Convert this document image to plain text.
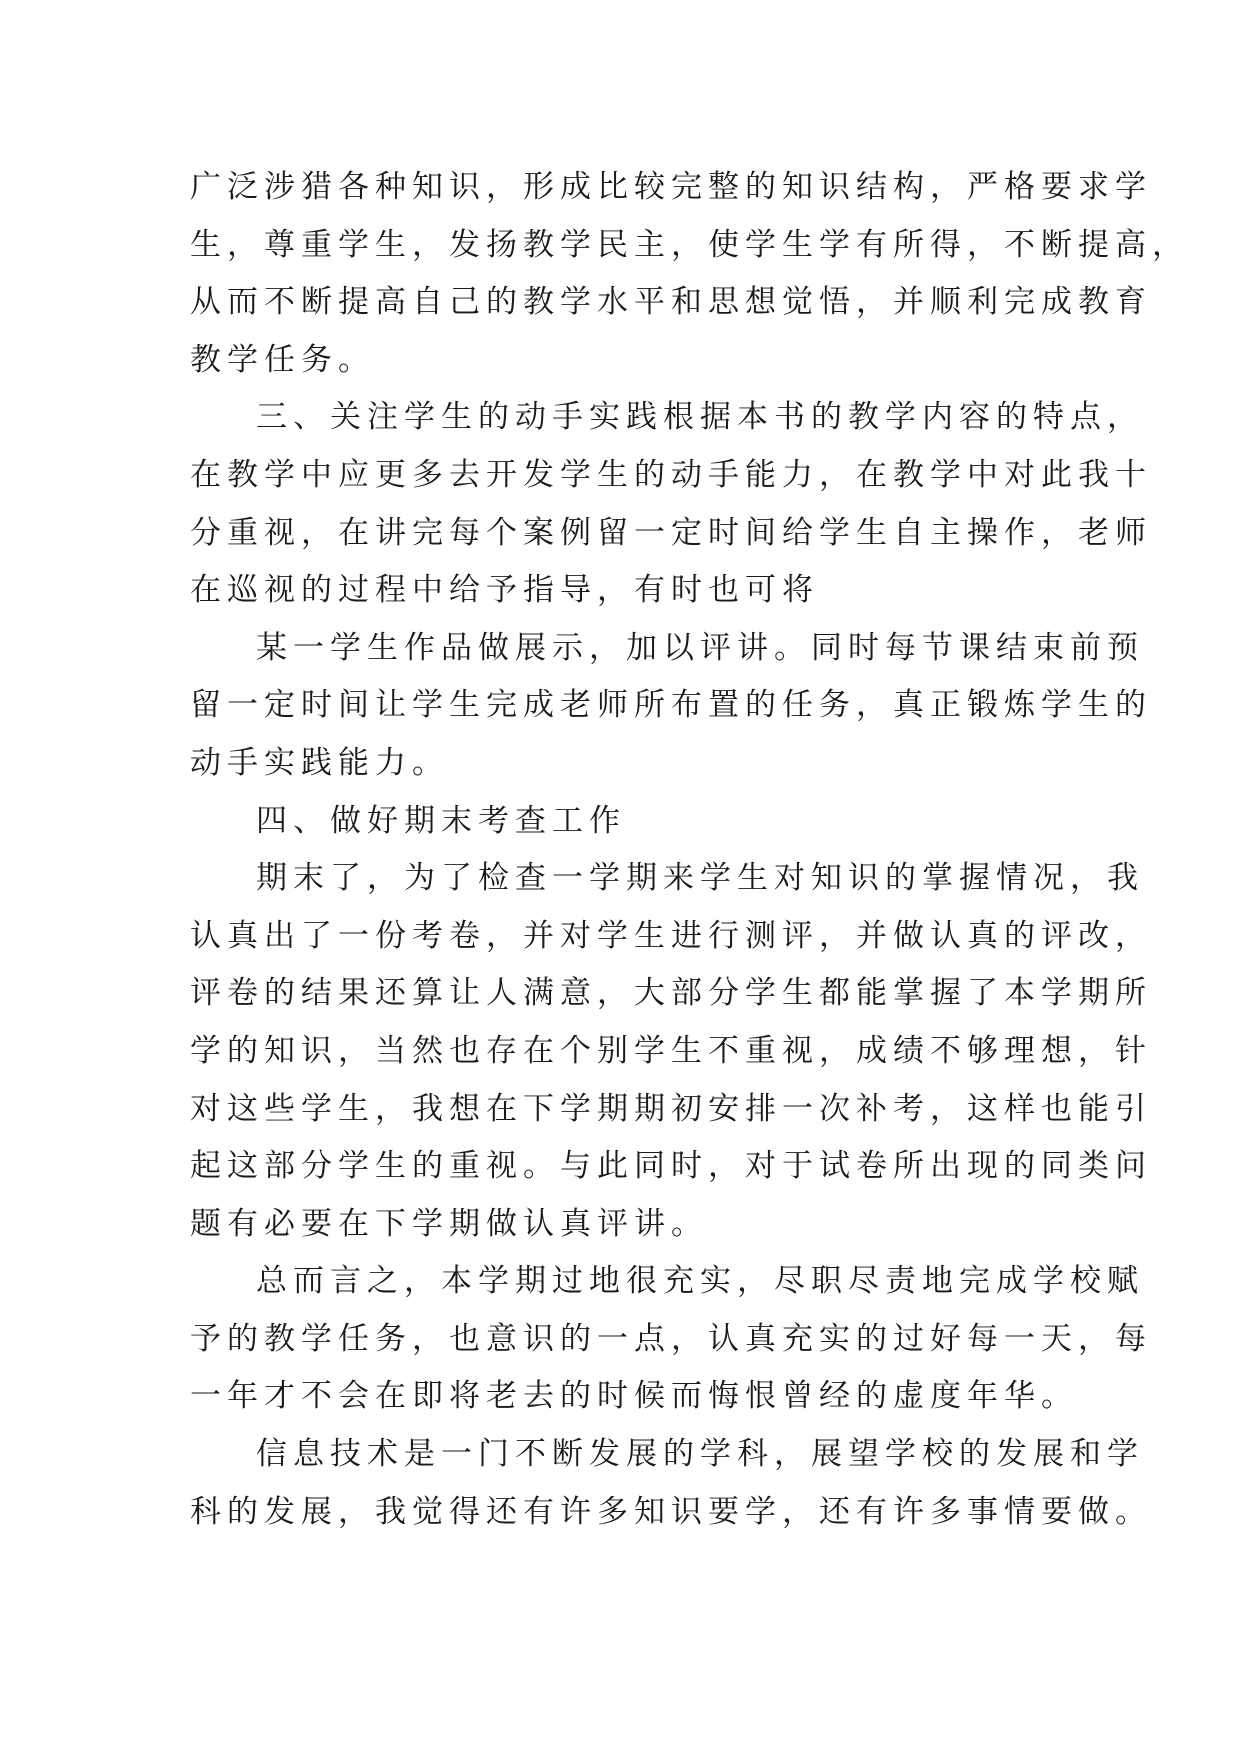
广泛涉猎各种知识，形成比较完整的知识结构，严格要求学
生，尊重学生，发扬教学民主，使学生学有所得，不断提高，
从而不断提高自己的教学水平和思想觉悟，并顺利完成教育
教学任务。
三、关注学生的动手实践根据本书的教学内容的特点，
在教学中应更多去开发学生的动手能力，在教学中对此我十
分重视，在讲完每个案例留一定时间给学生自主操作，老师
在巡视的过程中给予指导，有时也可将
某一学生作品做展示，加以评讲。同时每节课结束前预
留一定时间让学生完成老师所布置的任务，真正锻炼学生的
动手实践能力。
四、做好期末考查工作
期末了，为了检查一学期来学生对知识的掌握情况，我
认真出了一份考卷，并对学生进行测评，并做认真的评改，
评卷的结果还算让人满意，大部分学生都能掌握了本学期所
学的知识，当然也存在个别学生不重视，成绩不够理想，针
对这些学生，我想在下学期期初安排一次补考，这样也能引
起这部分学生的重视。与此同时，对于试卷所出现的同类问
题有必要在下学期做认真评讲。
总而言之，本学期过地很充实，尽职尽责地完成学校赋
予的教学任务，也意识的一点，认真充实的过好每一天，每
一年才不会在即将老去的时候而悔恨曾经的虚度年华。
信息技术是一门不断发展的学科，展望学校的发展和学
科的发展，我觉得还有许多知识要学，还有许多事情要做。
